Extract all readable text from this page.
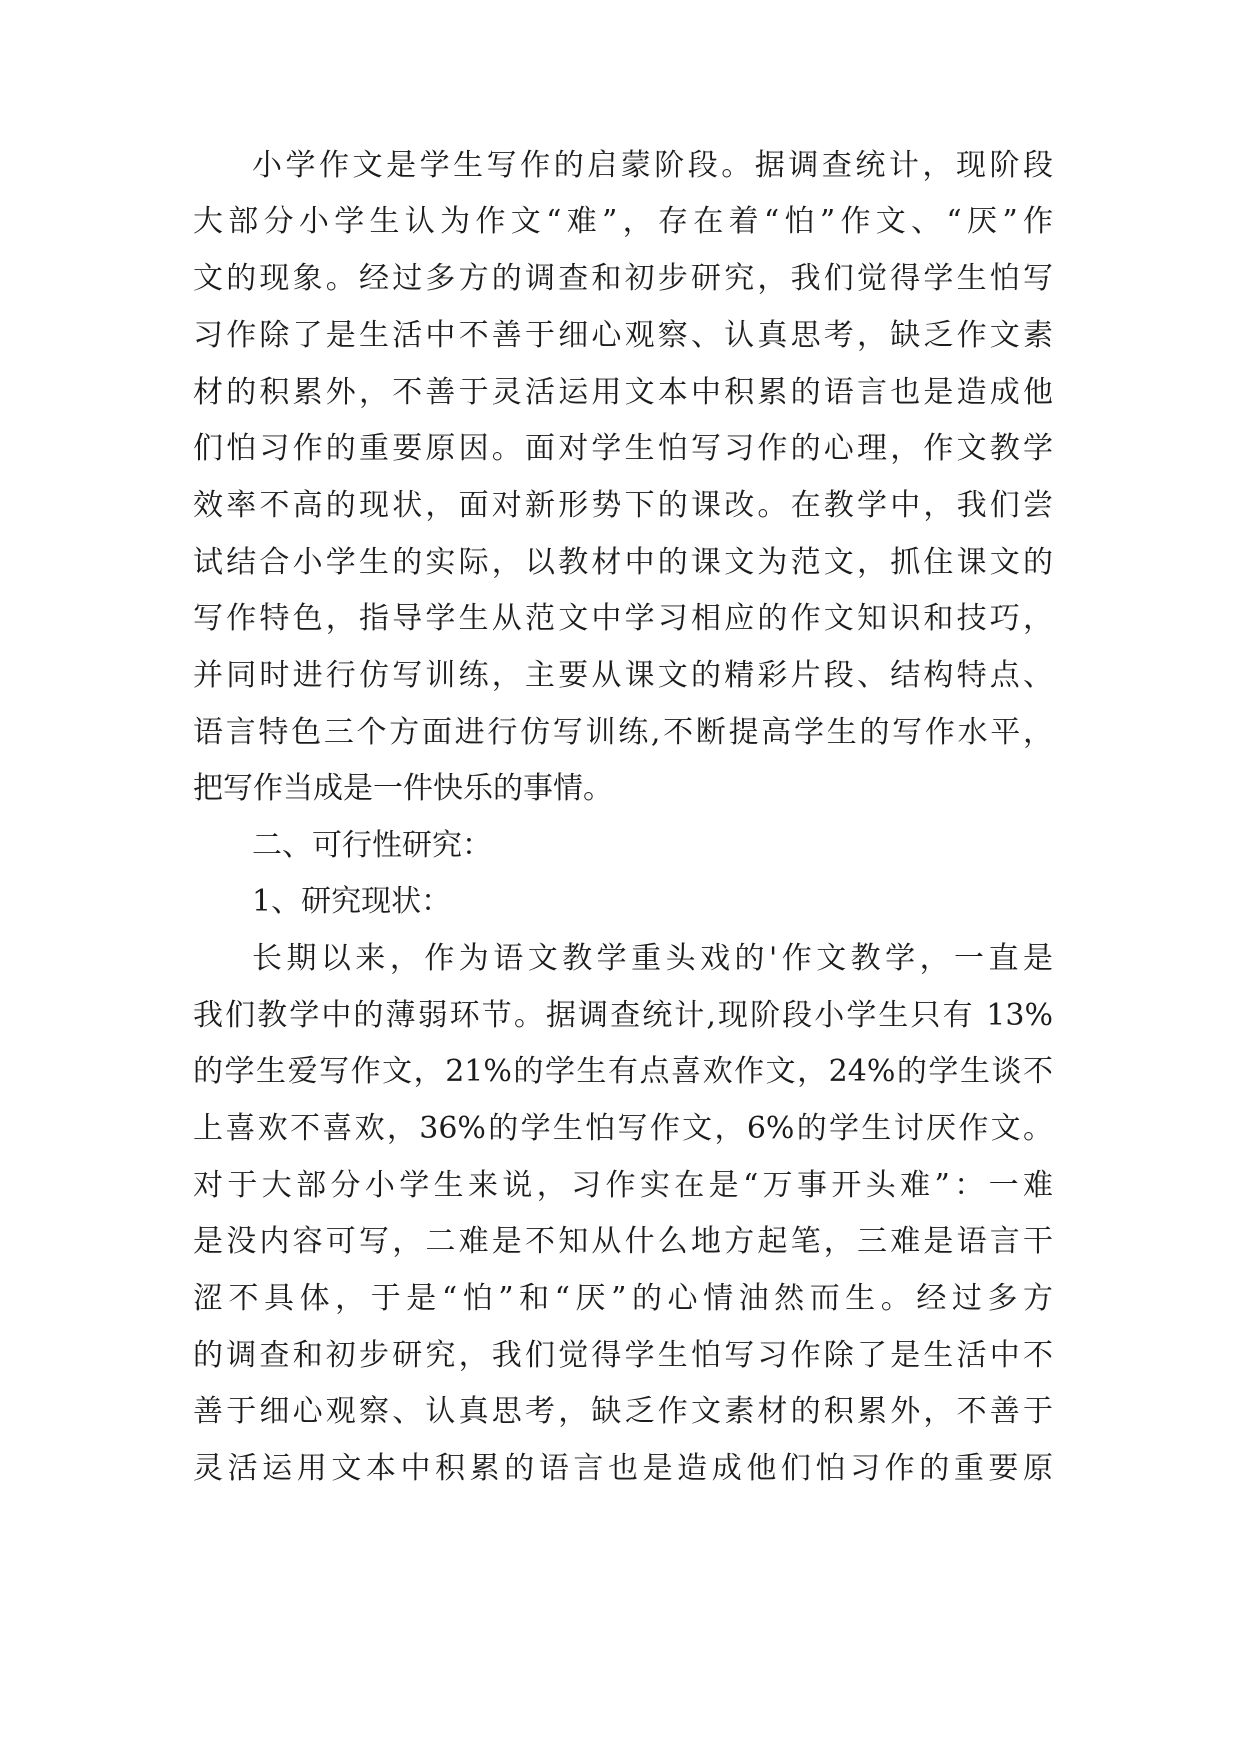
小学作文是学生写作的启蒙阶段。据调查统计，现阶段
大部分小学生认为作文“难”，存在着“怕”作文、“厌”作
文的现象。经过多方的调查和初步研究，我们觉得学生怕写
习作除了是生活中不善于细心观察、认真思考，缺乏作文素
材的积累外，不善于灵活运用文本中积累的语言也是造成他
们怕习作的重要原因。面对学生怕写习作的心理，作文教学
效率不高的现状，面对新形势下的课改。在教学中，我们尝
试结合小学生的实际，以教材中的课文为范文，抓住课文的
写作特色，指导学生从范文中学习相应的作文知识和技巧，
并同时进行仿写训练，主要从课文的精彩片段、结构特点、
语言特色三个方面进行仿写训练,不断提高学生的写作水平，
把写作当成是一件快乐的事情。
二、可行性研究：
1、研究现状：
长期以来，作为语文教学重头戏的'作文教学，一直是
我们教学中的薄弱环节。据调查统计,现阶段小学生只有 13%
的学生爱写作文，21%的学生有点喜欢作文，24%的学生谈不
上喜欢不喜欢，36%的学生怕写作文，6%的学生讨厌作文。
对于大部分小学生来说，习作实在是“万事开头难”：一难
是没内容可写，二难是不知从什么地方起笔，三难是语言干
涩不具体，于是“怕”和“厌”的心情油然而生。经过多方
的调查和初步研究，我们觉得学生怕写习作除了是生活中不
善于细心观察、认真思考，缺乏作文素材的积累外，不善于
灵活运用文本中积累的语言也是造成他们怕习作的重要原
